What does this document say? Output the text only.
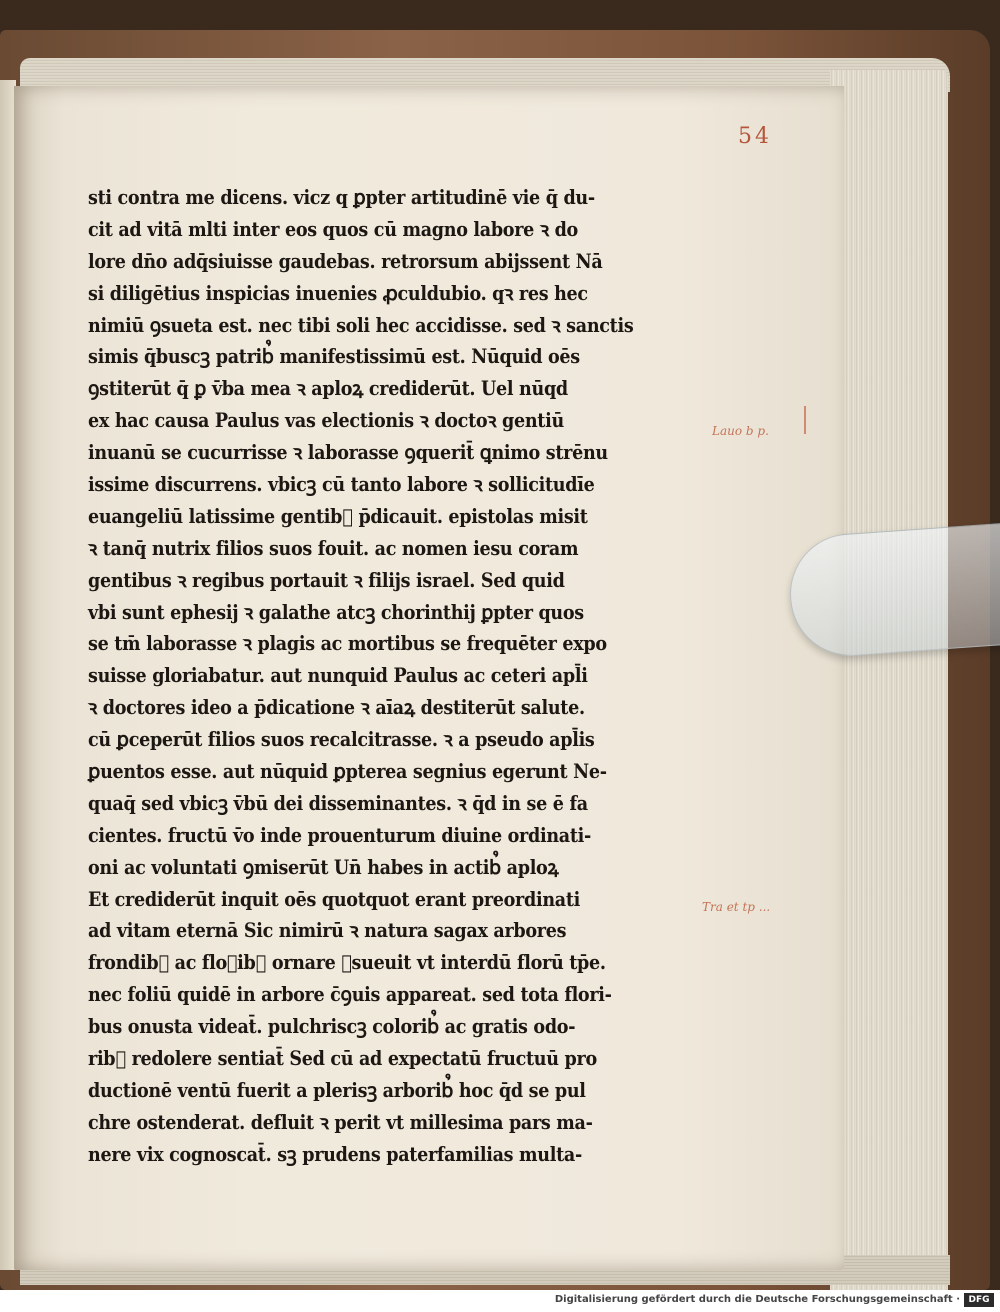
54
sti contra me dicens. vicz q ꝑpter artitudinē vie q̄ du-
cit ad vitā mlti inter eos quos cū magno labore ꝛ do
lore dn̄o adq̄siuisse gaudebas. retrorsum abijssent Nā
si diligētius inspicias inuenies ꝓculdubio. qꝛ res hec
nimiū ꝯsueta est. nec tibi soli hec accidisse. sed ꝛ sanctis
simis q̄buscꝫ patrib᷒ manifestissimū est. Nūquid oēs
ꝯstiterūt q̄ ꝑ v̄ba mea ꝛ aploꝝ crediderūt. Uel nūqd
ex hac causa Paulus vas electionis ꝛ doctoꝛ gentiū
inuanū se cucurrisse ꝛ laborasse ꝯquerit̄ ꝗnimo strēnu
issime discurrens. vbicꝫ cū tanto labore ꝛ sollicitudīe
euangeliū latissime gentib᷒ p̄dicauit. epistolas misit
ꝛ tanq̄ nutrix filios suos fouit. ac nomen iesu coram
gentibus ꝛ regibus portauit ꝛ filijs israel. Sed quid
vbi sunt ephesij ꝛ galathe atcꝫ chorinthij ꝑpter quos
se tm̄ laborasse ꝛ plagis ac mortibus se frequēter expo
suisse gloriabatur. aut nunquid Paulus ac ceteri apl̄i
ꝛ doctores ideo a p̄dicatione ꝛ aīaꝝ destiterūt salute.
cū ꝑceperūt filios suos recalcitrasse. ꝛ a pseudo apl̄is
ꝑuentos esse. aut nūquid ꝑpterea segnius egerunt Ne-
quaq̄ sed vbicꝫ v̄bū dei disseminantes. ꝛ q̄d in se ē fa
cientes. fructū v̄o inde prouenturum diuine ordinati-
oni ac voluntati ꝯmiserūt Un̄ habes in actib᷒ aploꝝ
Et crediderūt inquit oēs quotquot erant preordinati
ad vitam eternā Sic nimirū ꝛ natura sagax arbores
frondib᷒ ac floꝛib᷒ ornare ꝯsueuit vt interdū florū tp̄e.
nec foliū quidē in arbore c̄ꝯuis appareat. sed tota flori-
bus onusta videat̄. pulchriscꝫ colorib᷒ ac gratis odo-
rib᷒ redolere sentiat̄ Sed cū ad expectatū fructuū pro
ductionē ventū fuerit a plerisꝫ arborib᷒ hoc q̄d se pul
chre ostenderat. defluit ꝛ perit vt millesima pars ma-
nere vix cognoscat̄. sꝫ prudens paterfamilias multa-
Lauo b p.
Tra et tp ...
Digitalisierung gefördert durch die Deutsche Forschungsgemeinschaft · DFG
